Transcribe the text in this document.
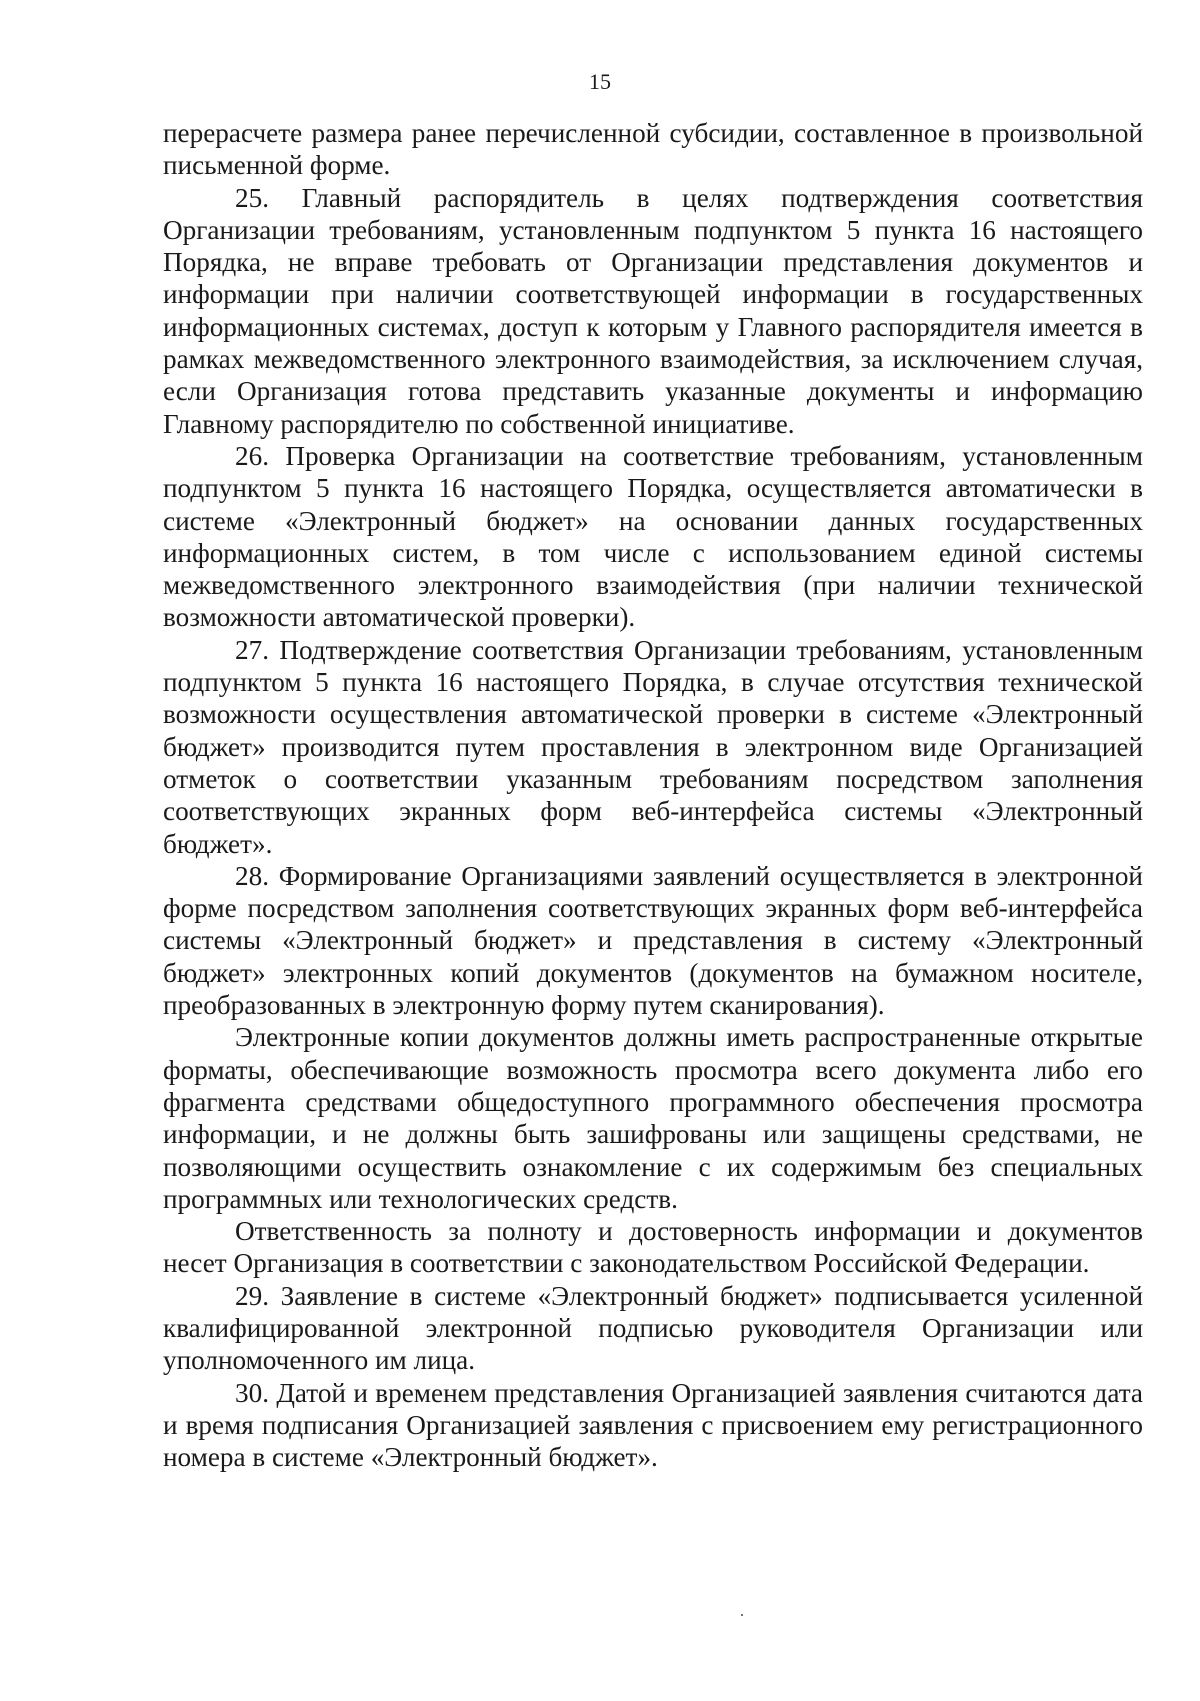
15

перерасчете размера ранее перечисленной субсидии, составленное в произвольной письменной форме.

25. Главный распорядитель в целях подтверждения соответствия Организации требованиям, установленным подпунктом 5 пункта 16 настоящего Порядка, не вправе требовать от Организации представления документов и информации при наличии соответствующей информации в государственных информационных системах, доступ к которым у Главного распорядителя имеется в рамках межведомственного электронного взаимодействия, за исключением случая, если Организация готова представить указанные документы и информацию Главному распорядителю по собственной инициативе.

26. Проверка Организации на соответствие требованиям, установленным подпунктом 5 пункта 16 настоящего Порядка, осуществляется автоматически в системе «Электронный бюджет» на основании данных государственных информационных систем, в том числе с использованием единой системы межведомственного электронного взаимодействия (при наличии технической возможности автоматической проверки).

27. Подтверждение соответствия Организации требованиям, установленным подпунктом 5 пункта 16 настоящего Порядка, в случае отсутствия технической возможности осуществления автоматической проверки в системе «Электронный бюджет» производится путем проставления в электронном виде Организацией отметок о соответствии указанным требованиям посредством заполнения соответствующих экранных форм веб-интерфейса системы «Электронный бюджет».

28. Формирование Организациями заявлений осуществляется в электронной форме посредством заполнения соответствующих экранных форм веб-интерфейса системы «Электронный бюджет» и представления в систему «Электронный бюджет» электронных копий документов (документов на бумажном носителе, преобразованных в электронную форму путем сканирования).

Электронные копии документов должны иметь распространенные открытые форматы, обеспечивающие возможность просмотра всего документа либо его фрагмента средствами общедоступного программного обеспечения просмотра информации, и не должны быть зашифрованы или защищены средствами, не позволяющими осуществить ознакомление с их содержимым без специальных программных или технологических средств.

Ответственность за полноту и достоверность информации и документов несет Организация в соответствии с законодательством Российской Федерации.

29. Заявление в системе «Электронный бюджет» подписывается усиленной квалифицированной электронной подписью руководителя Организации или уполномоченного им лица.

30. Датой и временем представления Организацией заявления считаются дата и время подписания Организацией заявления с присвоением ему регистрационного номера в системе «Электронный бюджет».
